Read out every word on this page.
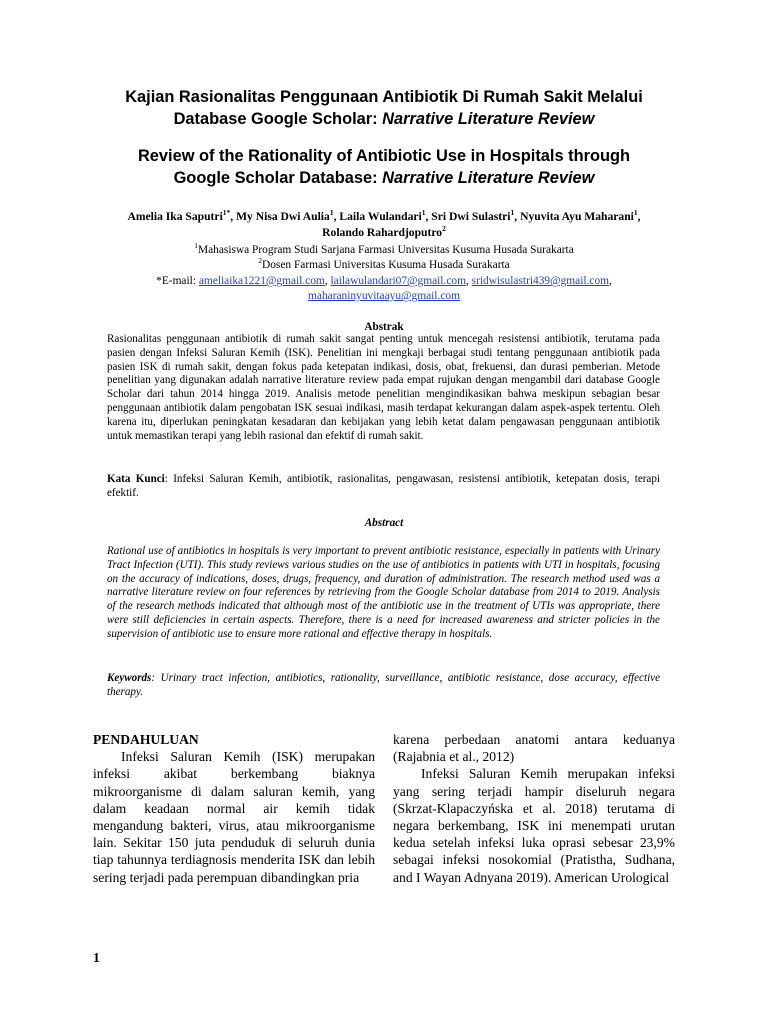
Kajian Rasionalitas Penggunaan Antibiotik Di Rumah Sakit Melalui
Database Google Scholar: Narrative Literature Review
Review of the Rationality of Antibiotic Use in Hospitals through
Google Scholar Database: Narrative Literature Review
Amelia Ika Saputri$^{1*}$, My Nisa Dwi Aulia$^1$, Laila Wulandari$^1$, Sri Dwi Sulastri$^1$, Nyuvita Ayu Maharani$^1$,
Rolando Rahardjoputro$^2$
$^1$Mahasiswa Program Studi Sarjana Farmasi Universitas Kusuma Husada Surakarta
$^2$Dosen Farmasi Universitas Kusuma Husada Surakarta
*E-mail: ameliaika1221@gmail.com, lailawulandari07@gmail.com, sridwisulastri439@gmail.com,
maharaninyuvitaayu@gmail.com
Abstrak
Rasionalitas penggunaan antibiotik di rumah sakit sangat penting untuk mencegah resistensi antibiotik, terutama pada pasien dengan Infeksi Saluran Kemih (ISK). Penelitian ini mengkaji berbagai studi tentang penggunaan antibiotik pada pasien ISK di rumah sakit, dengan fokus pada ketepatan indikasi, dosis, obat, frekuensi, dan durasi pemberian. Metode penelitian yang digunakan adalah narrative literature review pada empat rujukan dengan mengambil dari database Google Scholar dari tahun 2014 hingga 2019. Analisis metode penelitian mengindikasikan bahwa meskipun sebagian besar penggunaan antibiotik dalam pengobatan ISK sesuai indikasi, masih terdapat kekurangan dalam aspek-aspek tertentu. Oleh karena itu, diperlukan peningkatan kesadaran dan kebijakan yang lebih ketat dalam pengawasan penggunaan antibiotik untuk memastikan terapi yang lebih rasional dan efektif di rumah sakit.
Kata Kunci: Infeksi Saluran Kemih, antibiotik, rasionalitas, pengawasan, resistensi antibiotik, ketepatan dosis, terapi efektif.
Abstract
Rational use of antibiotics in hospitals is very important to prevent antibiotic resistance, especially in patients with Urinary Tract Infection (UTI). This study reviews various studies on the use of antibiotics in patients with UTI in hospitals, focusing on the accuracy of indications, doses, drugs, frequency, and duration of administration. The research method used was a narrative literature review on four references by retrieving from the Google Scholar database from 2014 to 2019. Analysis of the research methods indicated that although most of the antibiotic use in the treatment of UTIs was appropriate, there were still deficiencies in certain aspects. Therefore, there is a need for increased awareness and stricter policies in the supervision of antibiotic use to ensure more rational and effective therapy in hospitals.
Keywords: Urinary tract infection, antibiotics, rationality, surveillance, antibiotic resistance, dose accuracy, effective therapy.

PENDAHULUAN

Infeksi Saluran Kemih (ISK) merupakan infeksi akibat berkembang biaknya mikroorganisme di dalam saluran kemih, yang dalam keadaan normal air kemih tidak mengandung bakteri, virus, atau mikroorganisme lain. Sekitar 150 juta penduduk di seluruh dunia tiap tahunnya terdiagnosis menderita ISK dan lebih sering terjadi pada perempuan dibandingkan pria

karena perbedaan anatomi antara keduanya (Rajabnia et al., 2012)

Infeksi Saluran Kemih merupakan infeksi yang sering terjadi hampir diseluruh negara (Skrzat-Klapaczyńska et al. 2018) terutama di negara berkembang, ISK ini menempati urutan kedua setelah infeksi luka oprasi sebesar 23,9% sebagai infeksi nosokomial (Pratistha, Sudhana, and I Wayan Adnyana 2019). American Urological

1
